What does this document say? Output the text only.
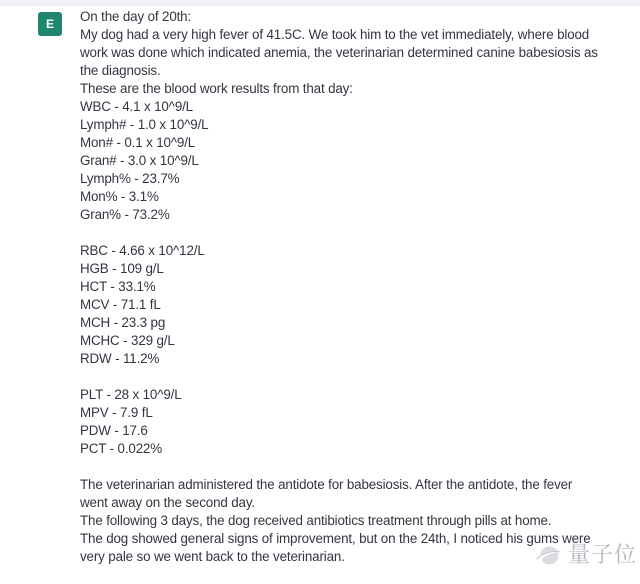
E	On the day of 20th:
My dog had a very high fever of 41.5C. We took him to the vet immediately, where blood
work was done which indicated anemia, the veterinarian determined canine babesiosis as
the diagnosis.
These are the blood work results from that day:
WBC - 4.1 x 10^9/L
Lymph# - 1.0 x 10^9/L
Mon# - 0.1 x 10^9/L
Gran# - 3.0 x 10^9/L
Lymph% - 23.7%
Mon% - 3.1%
Gran% - 73.2%
RBC - 4.66 x 10^12/L
HGB - 109 g/L
HCT - 33.1%
MCV - 71.1 fL
MCH - 23.3 pg
MCHC - 329 g/L
RDW - 11.2%
PLT - 28 x 10^9/L
MPV - 7.9 fL
PDW - 17.6
PCT - 0.022%
The veterinarian administered the antidote for babesiosis. After the antidote, the fever
went away on the second day.
The following 3 days, the dog received antibiotics treatment through pills at home.
The dog showed general signs of improvement, but on the 24th, I noticed his gums were
very pale so we went back to the veterinarian.	量子位
